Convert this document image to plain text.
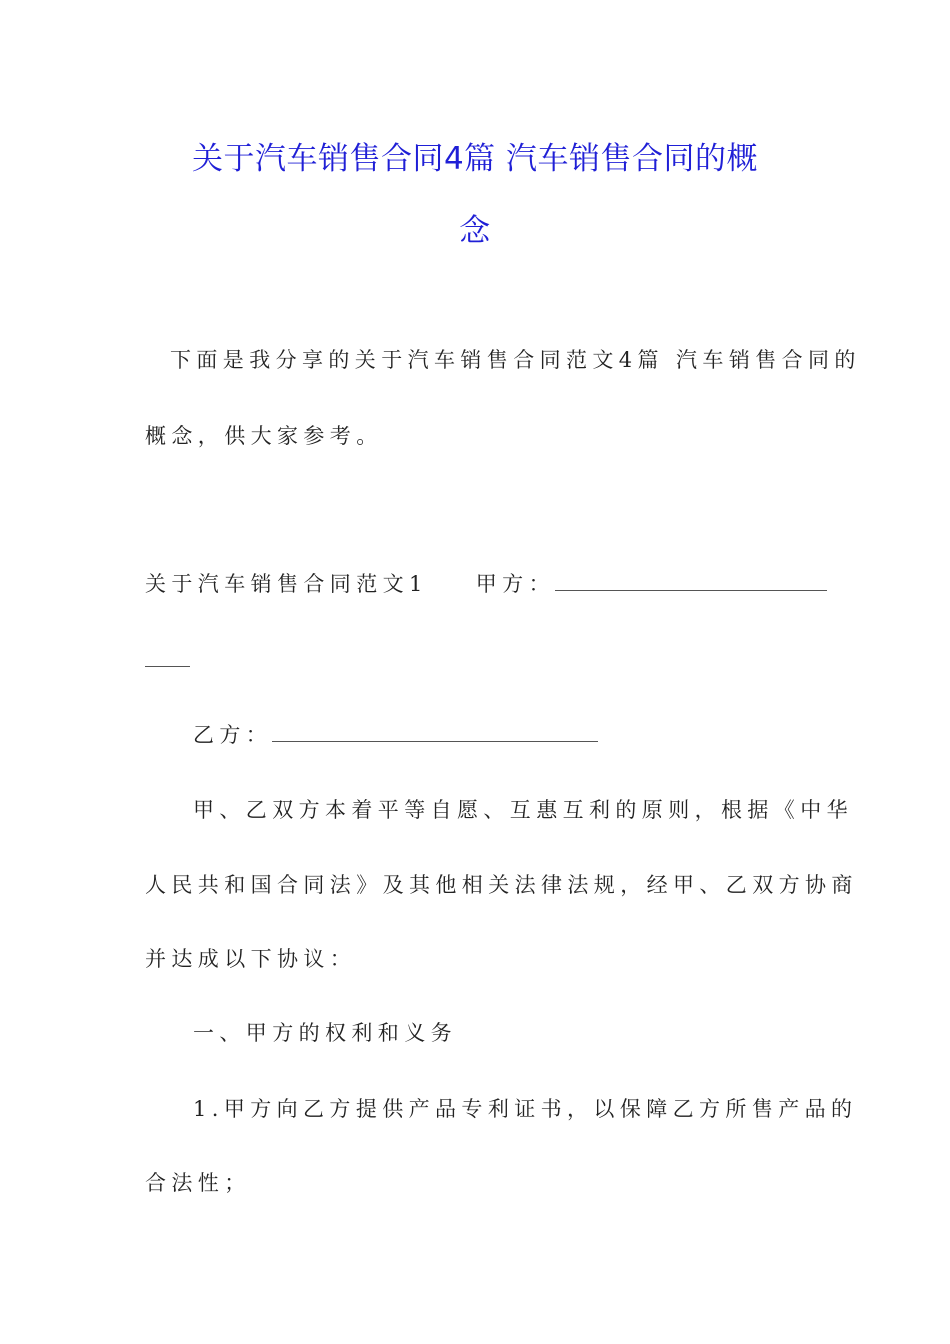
关于汽车销售合同4篇 汽车销售合同的概
念
下面是我分享的关于汽车销售合同范文4篇 汽车销售合同的
概念，供大家参考。
关于汽车销售合同范文1 甲方：
乙方：
甲、乙双方本着平等自愿、互惠互利的原则，根据《中华
人民共和国合同法》及其他相关法律法规，经甲、乙双方协商
并达成以下协议：
一、甲方的权利和义务
1.甲方向乙方提供产品专利证书，以保障乙方所售产品的
合法性；
